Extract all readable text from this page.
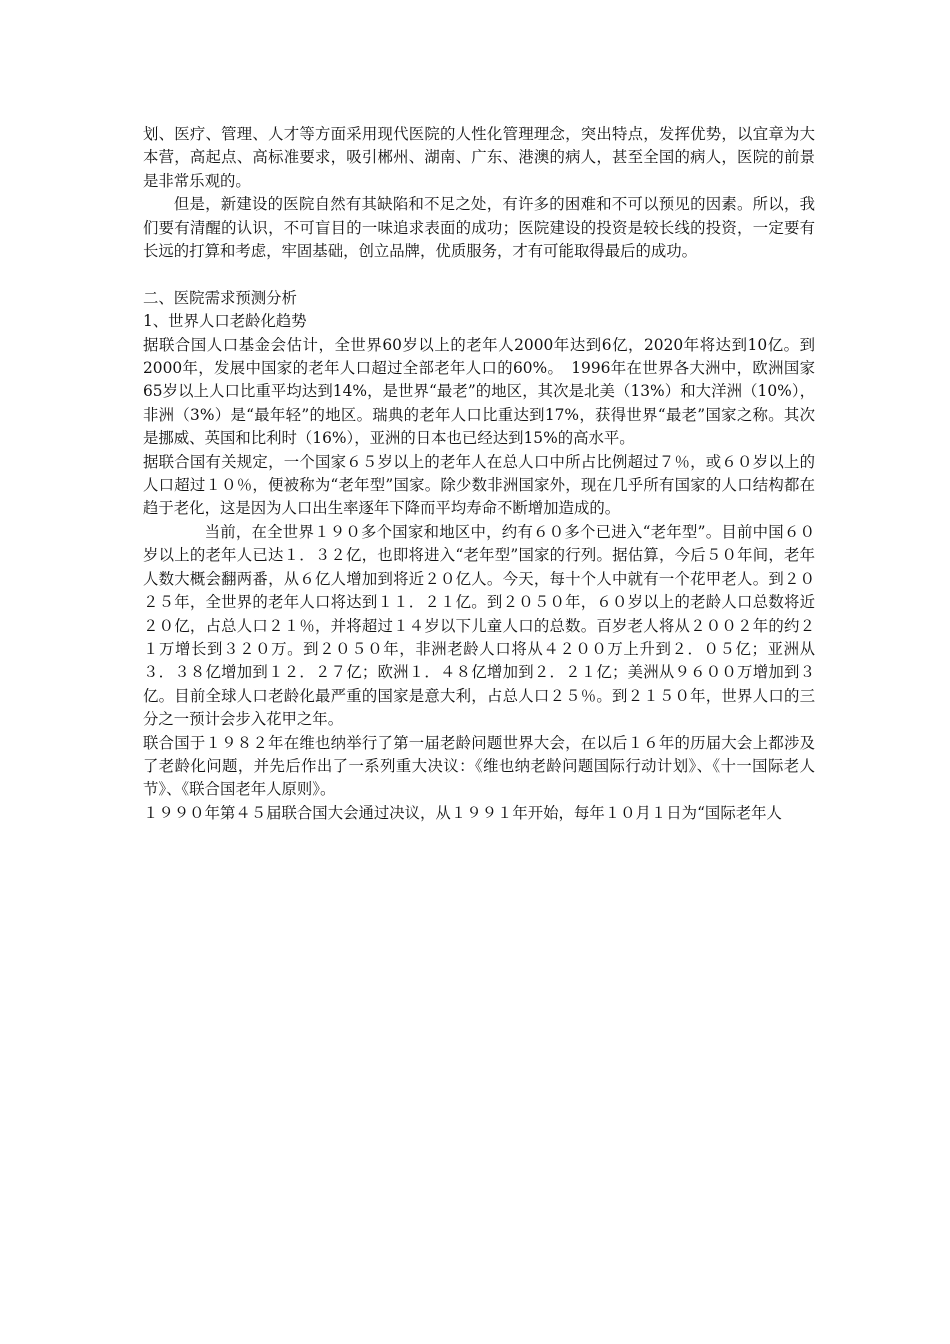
划、医疗、管理、人才等方面采用现代医院的人性化管理理念，突出特点，发挥优势，以宜章为大本营，高起点、高标准要求，吸引郴州、湖南、广东、港澳的病人，甚至全国的病人，医院的前景是非常乐观的。

但是，新建设的医院自然有其缺陷和不足之处，有许多的困难和不可以预见的因素。所以，我们要有清醒的认识，不可盲目的一味追求表面的成功；医院建设的投资是较长线的投资，一定要有长远的打算和考虑，牢固基础，创立品牌，优质服务，才有可能取得最后的成功。

二、医院需求预测分析

1、世界人口老龄化趋势

据联合国人口基金会估计，全世界60岁以上的老年人2000年达到6亿，2020年将达到10亿。到2000年，发展中国家的老年人口超过全部老年人口的60%。　1996年在世界各大洲中，欧洲国家65岁以上人口比重平均达到14%，是世界“最老”的地区，其次是北美（13%）和大洋洲（10%），非洲（3%）是“最年轻”的地区。瑞典的老年人口比重达到17%，获得世界“最老”国家之称。其次是挪威、英国和比利时（16%），亚洲的日本也已经达到15%的高水平。

据联合国有关规定，一个国家６５岁以上的老年人在总人口中所占比例超过７％，或６０岁以上的人口超过１０％，便被称为“老年型”国家。除少数非洲国家外，现在几乎所有国家的人口结构都在趋于老化，这是因为人口出生率逐年下降而平均寿命不断增加造成的。

当前，在全世界１９０多个国家和地区中，约有６０多个已进入“老年型”。目前中国６０岁以上的老年人已达１．３２亿，也即将进入“老年型”国家的行列。据估算，今后５０年间，老年人数大概会翻两番，从６亿人增加到将近２０亿人。今天，每十个人中就有一个花甲老人。到２０２５年，全世界的老年人口将达到１１．２１亿。到２０５０年，６０岁以上的老龄人口总数将近２０亿，占总人口２１％，并将超过１４岁以下儿童人口的总数。百岁老人将从２００２年的约２１万增长到３２０万。到２０５０年，非洲老龄人口将从４２００万上升到２．０５亿；亚洲从３．３８亿增加到１２．２７亿；欧洲１．４８亿增加到２．２１亿；美洲从９６００万增加到３亿。目前全球人口老龄化最严重的国家是意大利，占总人口２５％。到２１５０年，世界人口的三分之一预计会步入花甲之年。

联合国于１９８２年在维也纳举行了第一届老龄问题世界大会，在以后１６年的历届大会上都涉及了老龄化问题，并先后作出了一系列重大决议：《维也纳老龄问题国际行动计划》、《十一国际老人节》、《联合国老年人原则》。

１９９０年第４５届联合国大会通过决议，从１９９１年开始，每年１０月１日为“国际老年人
